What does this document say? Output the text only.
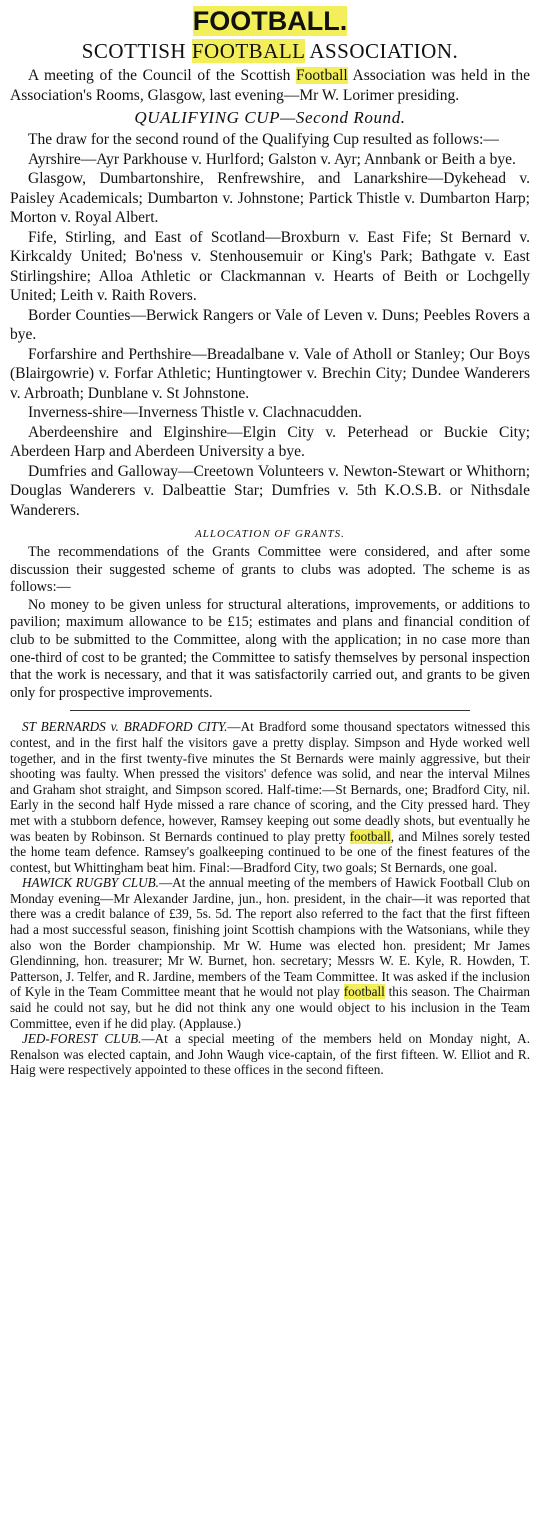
FOOTBALL.
SCOTTISH FOOTBALL ASSOCIATION.

A meeting of the Council of the Scottish Football Association was held in the Association's Rooms, Glasgow, last evening—Mr W. Lorimer presiding.

QUALIFYING CUP—Second Round.

The draw for the second round of the Qualifying Cup resulted as follows:—

Ayrshire—Ayr Parkhouse v. Hurlford; Galston v. Ayr; Annbank or Beith a bye.

Glasgow, Dumbartonshire, Renfrewshire, and Lanarkshire—Dykehead v. Paisley Academicals; Dumbarton v. Johnstone; Partick Thistle v. Dumbarton Harp; Morton v. Royal Albert.

Fife, Stirling, and East of Scotland—Broxburn v. East Fife; St Bernard v. Kirkcaldy United; Bo'ness v. Stenhousemuir or King's Park; Bathgate v. East Stirlingshire; Alloa Athletic or Clackmannan v. Hearts of Beith or Lochgelly United; Leith v. Raith Rovers.

Border Counties—Berwick Rangers or Vale of Leven v. Duns; Peebles Rovers a bye.

Forfarshire and Perthshire—Breadalbane v. Vale of Atholl or Stanley; Our Boys (Blairgowrie) v. Forfar Athletic; Huntingtower v. Brechin City; Dundee Wanderers v. Arbroath; Dunblane v. St Johnstone.

Inverness-shire—Inverness Thistle v. Clachnacudden.

Aberdeenshire and Elginshire—Elgin City v. Peterhead or Buckie City; Aberdeen Harp and Aberdeen University a bye.

Dumfries and Galloway—Creetown Volunteers v. Newton-Stewart or Whithorn; Douglas Wanderers v. Dalbeattie Star; Dumfries v. 5th K.O.S.B. or Nithsdale Wanderers.

ALLOCATION OF GRANTS.

The recommendations of the Grants Committee were considered, and after some discussion their suggested scheme of grants to clubs was adopted. The scheme is as follows:—

No money to be given unless for structural alterations, improvements, or additions to pavilion; maximum allowance to be £15; estimates and plans and financial condition of club to be submitted to the Committee, along with the application; in no case more than one-third of cost to be granted; the Committee to satisfy themselves by personal inspection that the work is necessary, and that it was satisfactorily carried out, and grants to be given only for prospective improvements.

ST BERNARDS v. BRADFORD CITY.—At Bradford some thousand spectators witnessed this contest, and in the first half the visitors gave a pretty display. Simpson and Hyde worked well together, and in the first twenty-five minutes the St Bernards were mainly aggressive, but their shooting was faulty. When pressed the visitors' defence was solid, and near the interval Milnes and Graham shot straight, and Simpson scored. Half-time:—St Bernards, one; Bradford City, nil. Early in the second half Hyde missed a rare chance of scoring, and the City pressed hard. They met with a stubborn defence, however, Ramsey keeping out some deadly shots, but eventually he was beaten by Robinson. St Bernards continued to play pretty football, and Milnes sorely tested the home team defence. Ramsey's goalkeeping continued to be one of the finest features of the contest, but Whittingham beat him. Final:—Bradford City, two goals; St Bernards, one goal.

HAWICK RUGBY CLUB.—At the annual meeting of the members of Hawick Football Club on Monday evening—Mr Alexander Jardine, jun., hon. president, in the chair—it was reported that there was a credit balance of £39, 5s. 5d. The report also referred to the fact that the first fifteen had a most successful season, finishing joint Scottish champions with the Watsonians, while they also won the Border championship. Mr W. Hume was elected hon. president; Mr James Glendinning, hon. treasurer; Mr W. Burnet, hon. secretary; Messrs W. E. Kyle, R. Howden, T. Patterson, J. Telfer, and R. Jardine, members of the Team Committee. It was asked if the inclusion of Kyle in the Team Committee meant that he would not play football this season. The Chairman said he could not say, but he did not think any one would object to his inclusion in the Team Committee, even if he did play. (Applause.)

JED-FOREST CLUB.—At a special meeting of the members held on Monday night, A. Renalson was elected captain, and John Waugh vice-captain, of the first fifteen. W. Elliot and R. Haig were respectively appointed to these offices in the second fifteen.
